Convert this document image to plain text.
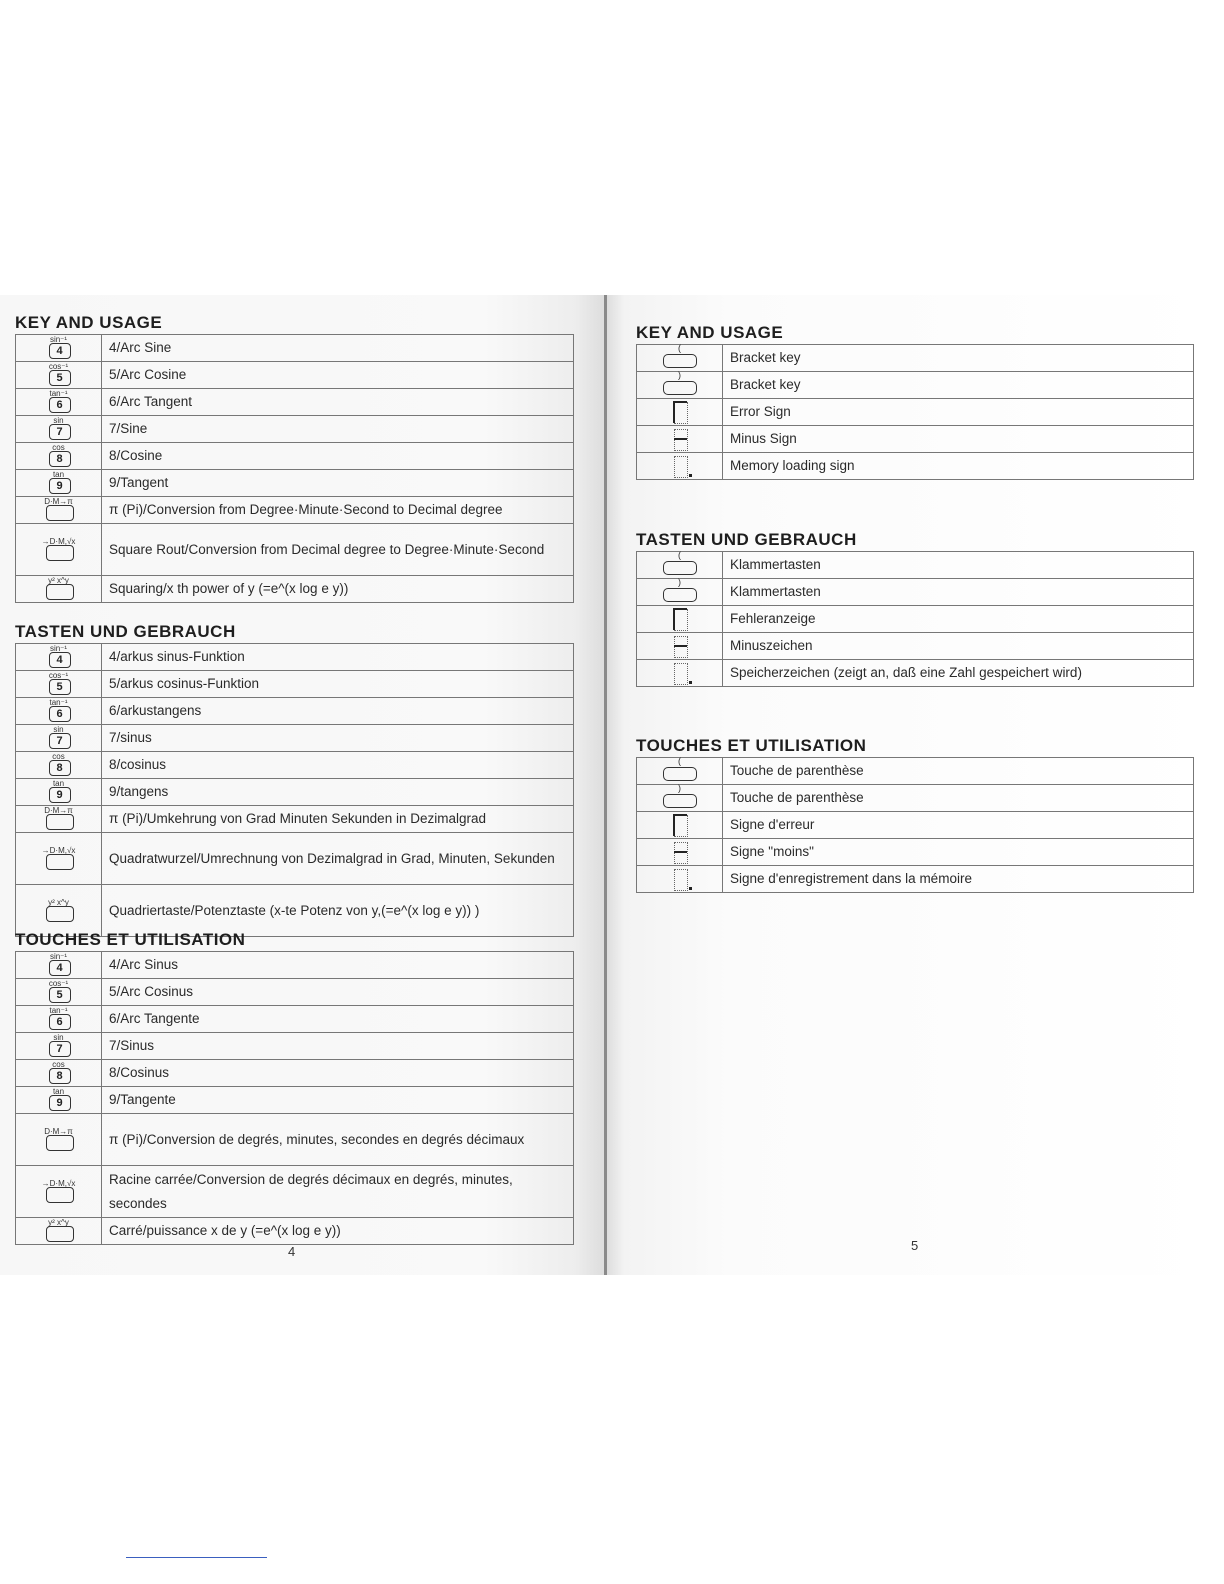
KEY AND USAGE
sin⁻¹
4	4/Arc Sine

cos⁻¹
5	5/Arc Cosine

tan⁻¹
6	6/Arc Tangent

sin
7	7/Sine

cos
8	8/Cosine

tan
9	9/Tangent

D·M→π	π (Pi)/Conversion from Degree·Minute·Second to Decimal degree

→D·M,√x	Square Rout/Conversion from Decimal degree to Degree·Minute·Second

y² x^y	Squaring/x th power of y (=e^(x log e y))
TASTEN UND GEBRAUCH
sin⁻¹
4	4/arkus sinus-Funktion

cos⁻¹
5	5/arkus cosinus-Funktion

tan⁻¹
6	6/arkustangens

sin
7	7/sinus

cos
8	8/cosinus

tan
9	9/tangens

D·M→π	π (Pi)/Umkehrung von Grad Minuten Sekunden in Dezimalgrad

→D·M,√x	Quadratwurzel/Umrechnung von Dezimalgrad in Grad, Minuten, Sekunden

y² x^y	Quadriertaste/Potenztaste (x-te Potenz von y,(=e^(x log e y)) )
TOUCHES ET UTILISATION
sin⁻¹
4	4/Arc Sinus

cos⁻¹
5	5/Arc Cosinus

tan⁻¹
6	6/Arc Tangente

sin
7	7/Sinus

cos
8	8/Cosinus

tan
9	9/Tangente

D·M→π	π (Pi)/Conversion de degrés, minutes, secondes en degrés décimaux

→D·M,√x	Racine carrée/Conversion de degrés décimaux en degrés, minutes, secondes

y² x^y	Carré/puissance x de y (=e^(x log e y))
4
KEY AND USAGE
(	Bracket key

)	Bracket key

	Error Sign

	Minus Sign

	Memory loading sign
TASTEN UND GEBRAUCH
(	Klammertasten

)	Klammertasten

	Fehleranzeige

	Minuszeichen

	Speicherzeichen (zeigt an, daß eine Zahl gespeichert wird)
TOUCHES ET UTILISATION
(	Touche de parenthèse

)	Touche de parenthèse

	Signe d'erreur

	Signe "moins"

	Signe d'enregistrement dans la mémoire
5
